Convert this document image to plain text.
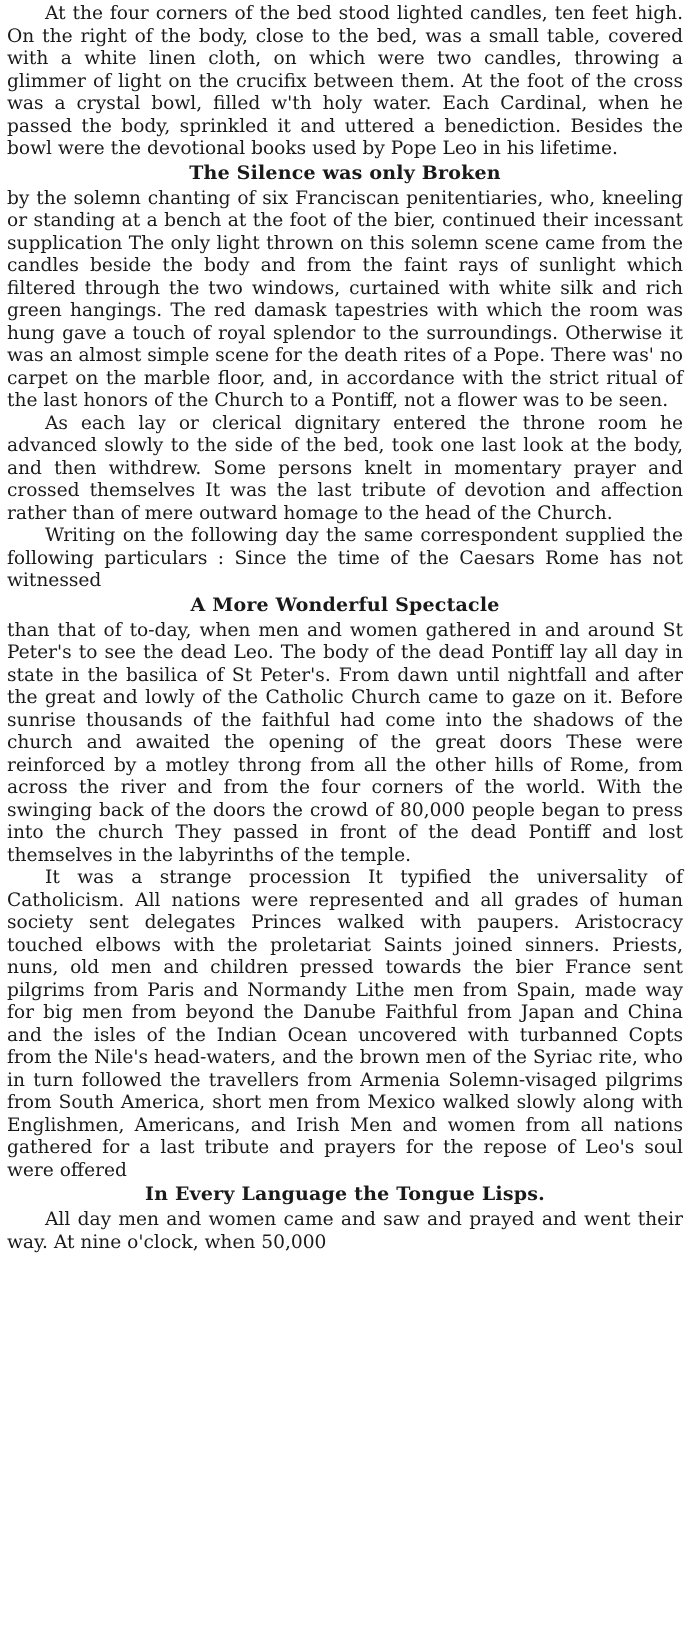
At the four corners of the bed stood lighted candles, ten feet high. On the right of the body, close to the bed, was a small table, covered with a white linen cloth, on which were two candles, throwing a glimmer of light on the crucifix between them. At the foot of the cross was a crystal bowl, filled w'th holy water. Each Cardinal, when he passed the body, sprinkled it and uttered a benediction. Besides the bowl were the devotional books used by Pope Leo in his lifetime.

The Silence was only Broken

by the solemn chanting of six Franciscan penitentiaries, who, kneeling or standing at a bench at the foot of the bier, continued their incessant supplication The only light thrown on this solemn scene came from the candles beside the body and from the faint rays of sunlight which filtered through the two windows, curtained with white silk and rich green hangings. The red damask tapestries with which the room was hung gave a touch of royal splendor to the surroundings. Otherwise it was an almost simple scene for the death rites of a Pope. There was' no carpet on the marble floor, and, in accordance with the strict ritual of the last honors of the Church to a Pontiff, not a flower was to be seen.

As each lay or clerical dignitary entered the throne room he advanced slowly to the side of the bed, took one last look at the body, and then withdrew. Some persons knelt in momentary prayer and crossed themselves It was the last tribute of devotion and affection rather than of mere outward homage to the head of the Church.

Writing on the following day the same correspondent supplied the following particulars : Since the time of the Caesars Rome has not witnessed

A More Wonderful Spectacle

than that of to-day, when men and women gathered in and around St Peter's to see the dead Leo. The body of the dead Pontiff lay all day in state in the basilica of St Peter's. From dawn until nightfall and after the great and lowly of the Catholic Church came to gaze on it. Before sunrise thousands of the faithful had come into the shadows of the church and awaited the opening of the great doors These were reinforced by a motley throng from all the other hills of Rome, from across the river and from the four corners of the world. With the swinging back of the doors the crowd of 80,000 people began to press into the church They passed in front of the dead Pontiff and lost themselves in the labyrinths of the temple.

It was a strange procession It typified the universality of Catholicism. All nations were represented and all grades of human society sent delegates Princes walked with paupers. Aristocracy touched elbows with the proletariat Saints joined sinners. Priests, nuns, old men and children pressed towards the bier France sent pilgrims from Paris and Normandy Lithe men from Spain, made way for big men from beyond the Danube Faithful from Japan and China and the isles of the Indian Ocean uncovered with turbanned Copts from the Nile's head-waters, and the brown men of the Syriac rite, who in turn followed the travellers from Armenia Solemn-visaged pilgrims from South America, short men from Mexico walked slowly along with Englishmen, Americans, and Irish Men and women from all nations gathered for a last tribute and prayers for the repose of Leo's soul were offered

In Every Language the Tongue Lisps.

All day men and women came and saw and prayed and went their way. At nine o'clock, when 50,000
